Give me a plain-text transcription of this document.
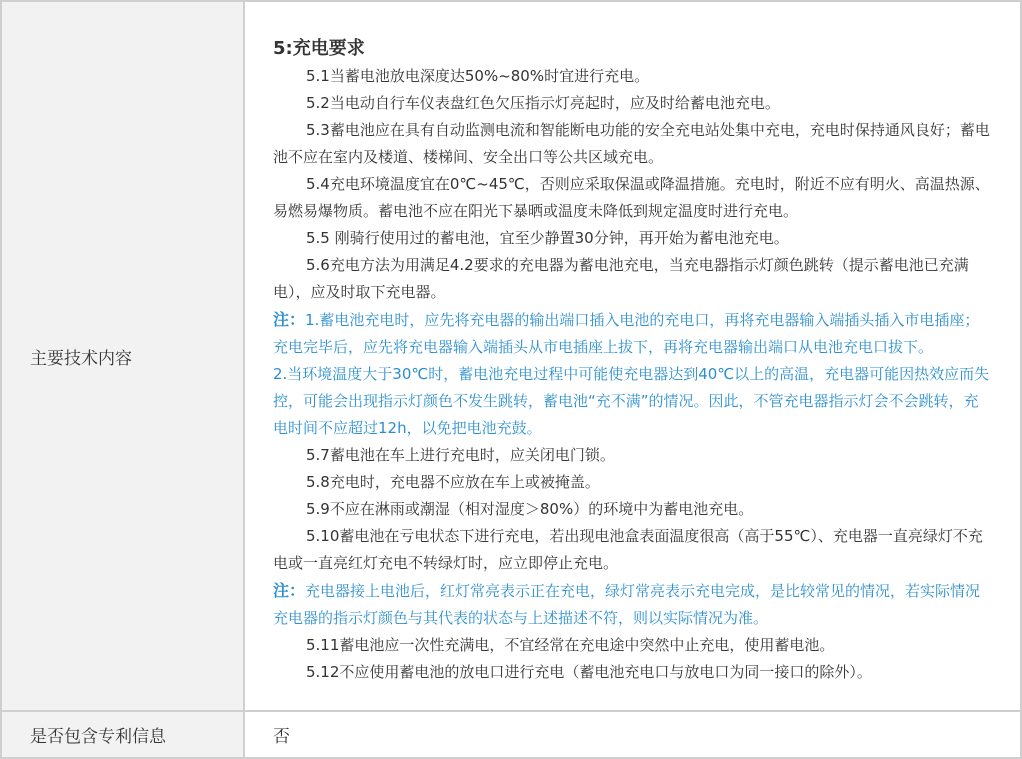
主要技术内容
5:充电要求

5.1当蓄电池放电深度达50%~80%时宜进行充电。

5.2当电动自行车仪表盘红色欠压指示灯亮起时，应及时给蓄电池充电。

5.3蓄电池应在具有自动监测电流和智能断电功能的安全充电站处集中充电，充电时保持通风良好；蓄电池不应在室内及楼道、楼梯间、安全出口等公共区域充电。

5.4充电环境温度宜在0℃~45℃，否则应采取保温或降温措施。充电时，附近不应有明火、高温热源、易燃易爆物质。蓄电池不应在阳光下暴晒或温度未降低到规定温度时进行充电。

5.5 刚骑行使用过的蓄电池，宜至少静置30分钟，再开始为蓄电池充电。

5.6充电方法为用满足4.2要求的充电器为蓄电池充电，当充电器指示灯颜色跳转（提示蓄电池已充满电），应及时取下充电器。

注：1.蓄电池充电时，应先将充电器的输出端口插入电池的充电口，再将充电器输入端插头插入市电插座；充电完毕后，应先将充电器输入端插头从市电插座上拔下，再将充电器输出端口从电池充电口拔下。

2.当环境温度大于30℃时，蓄电池充电过程中可能使充电器达到40℃以上的高温，充电器可能因热效应而失控，可能会出现指示灯颜色不发生跳转，蓄电池“充不满”的情况。因此，不管充电器指示灯会不会跳转，充电时间不应超过12h，以免把电池充鼓。

5.7蓄电池在车上进行充电时，应关闭电门锁。

5.8充电时，充电器不应放在车上或被掩盖。

5.9不应在淋雨或潮湿（相对湿度＞80%）的环境中为蓄电池充电。

5.10蓄电池在亏电状态下进行充电，若出现电池盒表面温度很高（高于55℃）、充电器一直亮绿灯不充电或一直亮红灯充电不转绿灯时，应立即停止充电。

注：充电器接上电池后，红灯常亮表示正在充电，绿灯常亮表示充电完成，是比较常见的情况，若实际情况充电器的指示灯颜色与其代表的状态与上述描述不符，则以实际情况为准。

5.11蓄电池应一次性充满电，不宜经常在充电途中突然中止充电，使用蓄电池。

5.12不应使用蓄电池的放电口进行充电（蓄电池充电口与放电口为同一接口的除外）。

是否包含专利信息	否
